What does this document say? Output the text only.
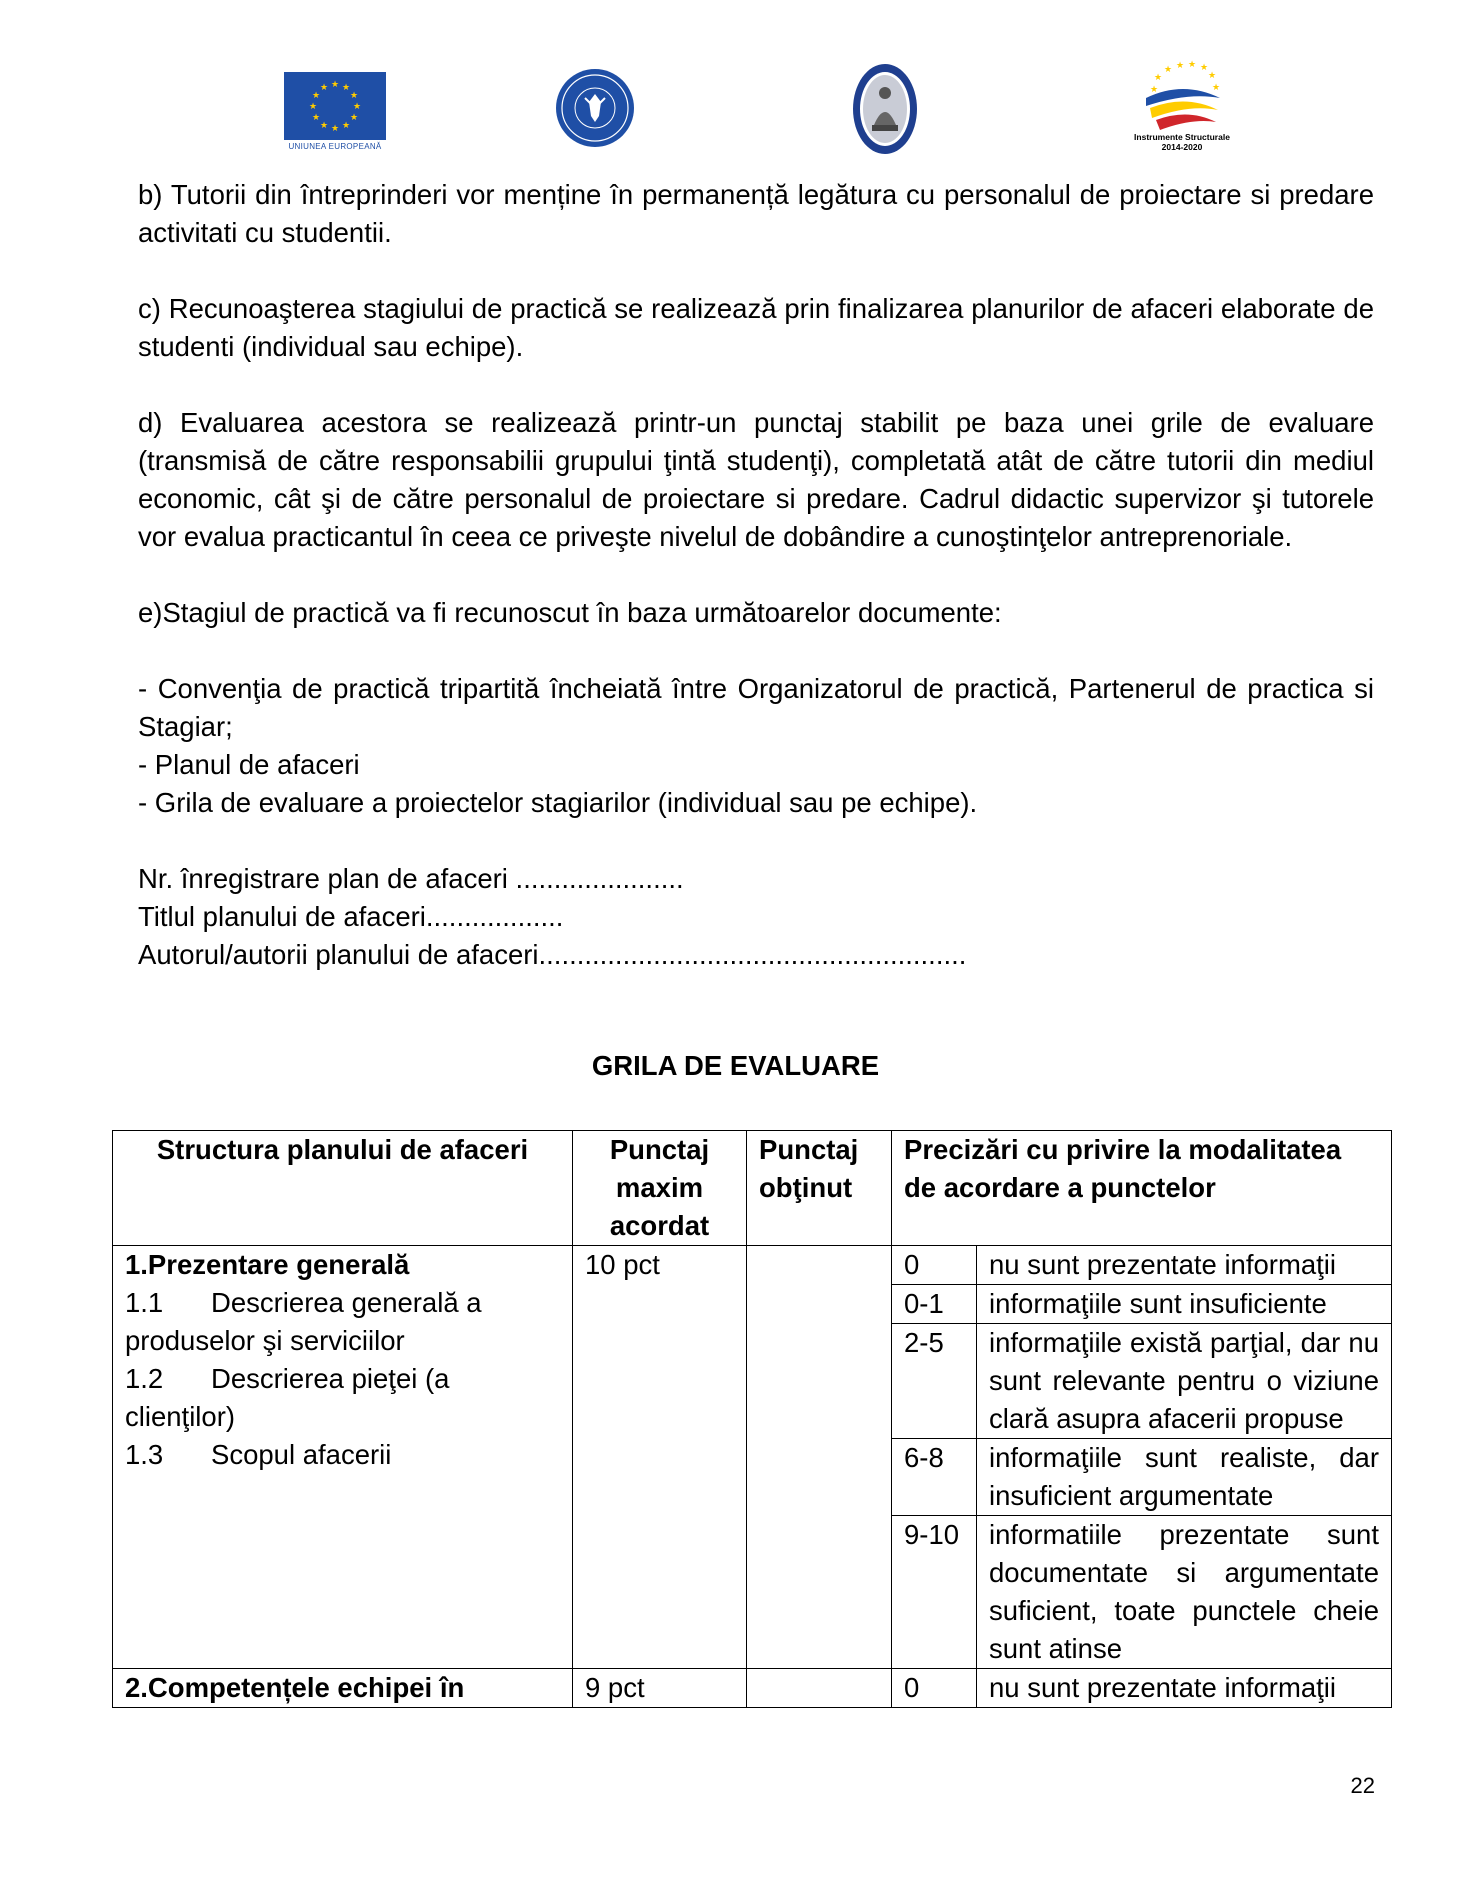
★ ★
★
★
★
★
★
★
★
★
★
★
UNIUNEA EUROPEANĂ
★ ★ ★ ★
★
★
★
★
Instrumente Structurale
2014-2020

b) Tutorii din întreprinderi vor menține în permanență legătura cu personalul de proiectare si predare activitati cu studentii.

c) Recunoaşterea stagiului de practică se realizează prin finalizarea planurilor de afaceri elaborate de studenti (individual sau echipe).

d) Evaluarea acestora se realizează printr-un punctaj stabilit pe baza unei grile de evaluare (transmisă de către responsabilii grupului ţintă studenţi), completată atât de către tutorii din mediul economic, cât şi de către personalul de proiectare si predare. Cadrul didactic supervizor şi tutorele vor evalua practicantul în ceea ce priveşte nivelul de dobândire a cunoştinţelor antreprenoriale.

e)Stagiul de practică va fi recunoscut în baza următoarelor documente:

- Convenţia de practică tripartită încheiată între Organizatorul de practică, Partenerul de practica si Stagiar;

- Planul de afaceri

- Grila de evaluare a proiectelor stagiarilor (individual sau pe echipe).

Nr. înregistrare plan de afaceri ......................

Titlul planului de afaceri..................

Autorul/autorii planului de afaceri........................................................

GRILA DE EVALUARE
Structura planului de afaceri	Punctaj maxim acordat	Punctaj obţinut	Precizări cu privire la modalitatea de acordare a punctelor	

1.Prezentare generală
1.1 Descrierea generală a produselor şi serviciilor
1.2 Descrierea pieţei (a clienţilor)
1.3 Scopul afacerii	10 pct		0	nu sunt prezentate informaţii
			0-1	informaţiile sunt insuficiente
			2-5	informaţiile există parţial, dar nu sunt relevante pentru o viziune clară asupra afacerii propuse
			6-8	informaţiile sunt realiste, dar insuficient argumentate
			9-10	informatiile prezentate sunt documentate si argumentate suficient, toate punctele cheie sunt atinse
2.Competențele echipei în	9 pct		0	nu sunt prezentate informaţii
22
